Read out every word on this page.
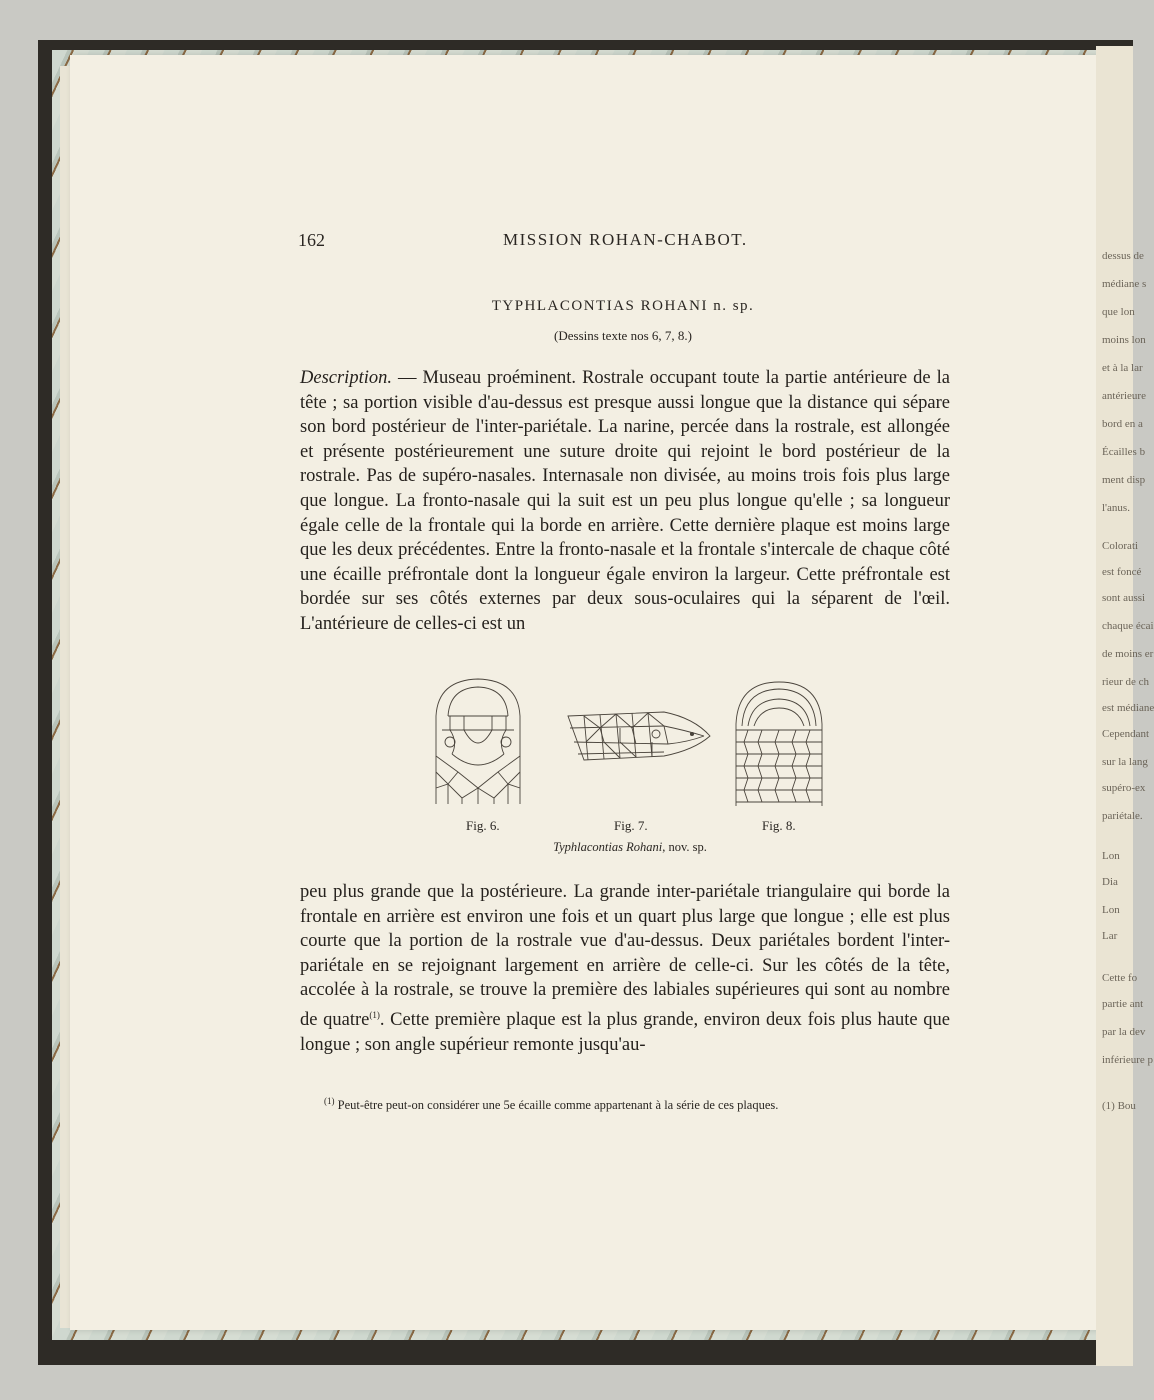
dessus de
médiane s
que lon
moins lon
et à la lar
antérieure
bord en a
Écailles b
ment disp
l'anus.
Colorati
est foncé
sont aussi
chaque écai
de moins er
rieur de ch
est médiane
Cependant
sur la lang
supéro-ex
pariétale.
Lon
Dia
Lon
Lar
Cette fo
partie ant
par la dev
inférieure p
(1) Bou
162	MISSION ROHAN-CHABOT.
TYPHLACONTIAS ROHANI n. sp.
(Dessins texte nos 6, 7, 8.)

Description. — Museau proéminent. Rostrale occupant toute la partie antérieure de la tête ; sa portion visible d'au-dessus est presque aussi longue que la distance qui sépare son bord postérieur de l'inter-pariétale. La narine, percée dans la rostrale, est allongée et présente postérieurement une suture droite qui rejoint le bord postérieur de la rostrale. Pas de supéro-nasales. Internasale non divisée, au moins trois fois plus large que longue. La fronto-nasale qui la suit est un peu plus longue qu'elle ; sa longueur égale celle de la frontale qui la borde en arrière. Cette dernière plaque est moins large que les deux précédentes. Entre la fronto-nasale et la frontale s'intercale de chaque côté une écaille préfrontale dont la longueur égale environ la largeur. Cette préfrontale est bordée sur ses côtés externes par deux sous-oculaires qui la séparent de l'œil. L'antérieure de celles-ci est un

Fig. 6.	Fig. 7.	Fig. 8.
Typhlacontias Rohani, nov. sp.

peu plus grande que la postérieure. La grande inter-pariétale triangulaire qui borde la frontale en arrière est environ une fois et un quart plus large que longue ; elle est plus courte que la portion de la rostrale vue d'au-dessus. Deux pariétales bordent l'inter-pariétale en se rejoignant largement en arrière de celle-ci. Sur les côtés de la tête, accolée à la rostrale, se trouve la première des labiales supérieures qui sont au nombre de quatre$^{(1)}$. Cette première plaque est la plus grande, environ deux fois plus haute que longue ; son angle supérieur remonte jusqu'au-

$^{(1)}$ Peut-être peut-on considérer une 5e écaille comme appartenant à la série de ces plaques.
